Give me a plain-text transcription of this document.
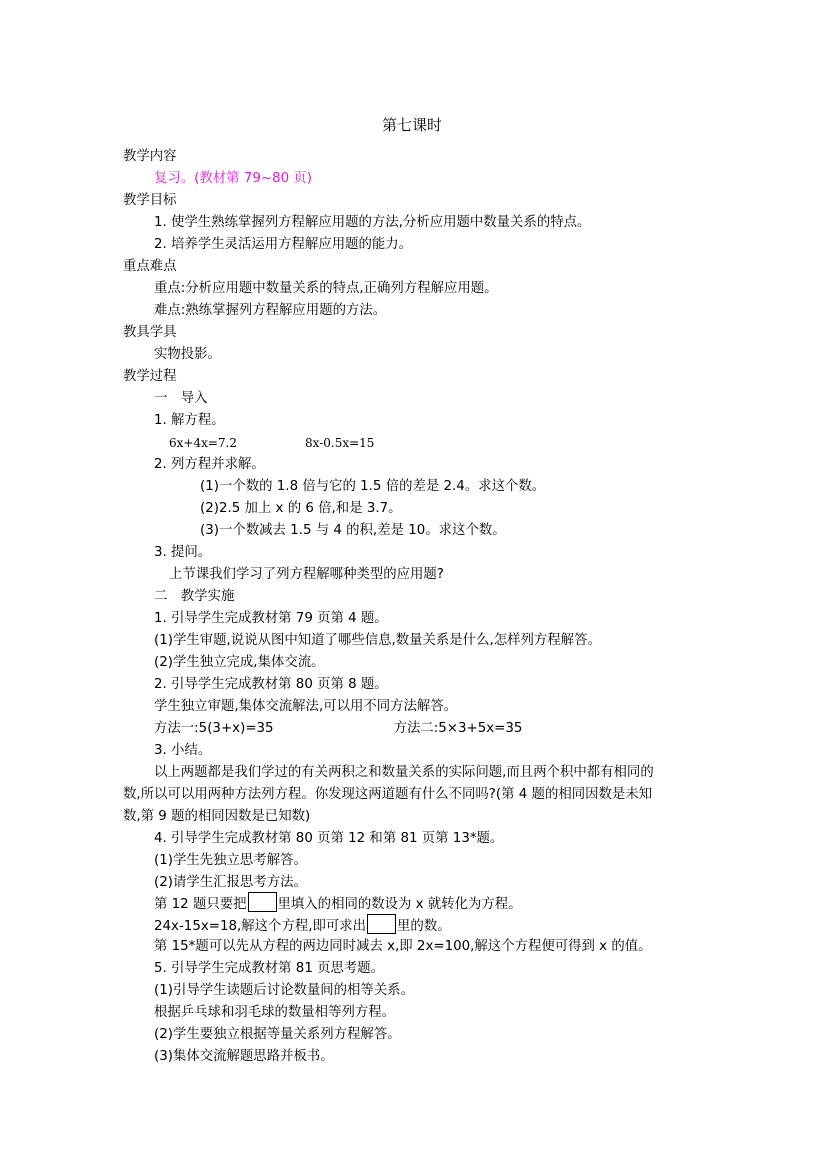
第七课时
教学内容
复习。(教材第 79~80 页)
教学目标
1. 使学生熟练掌握列方程解应用题的方法,分析应用题中数量关系的特点。
2. 培养学生灵活运用方程解应用题的能力。
重点难点
重点:分析应用题中数量关系的特点,正确列方程解应用题。
难点:熟练掌握列方程解应用题的方法。
教具学具
实物投影。
教学过程
一　导入
1. 解方程。
6x+4x=7.2	8x-0.5x=15
2. 列方程并求解。
(1)一个数的 1.8 倍与它的 1.5 倍的差是 2.4。求这个数。
(2)2.5 加上 x 的 6 倍,和是 3.7。
(3)一个数减去 1.5 与 4 的积,差是 10。求这个数。
3. 提问。
上节课我们学习了列方程解哪种类型的应用题?
二　教学实施
1. 引导学生完成教材第 79 页第 4 题。
(1)学生审题,说说从图中知道了哪些信息,数量关系是什么,怎样列方程解答。
(2)学生独立完成,集体交流。
2. 引导学生完成教材第 80 页第 8 题。
学生独立审题,集体交流解法,可以用不同方法解答。
方法一:5(3+x)=35	方法二:5×3+5x=35
3. 小结。
以上两题都是我们学过的有关两积之和数量关系的实际问题,而且两个积中都有相同的
数,所以可以用两种方法列方程。你发现这两道题有什么不同吗?(第 4 题的相同因数是未知
数,第 9 题的相同因数是已知数)
4. 引导学生完成教材第 80 页第 12 和第 81 页第 13*题。
(1)学生先独立思考解答。
(2)请学生汇报思考方法。
第 12 题只要把 里填入的相同的数设为 x 就转化为方程。
24x-15x=18,解这个方程,即可求出 里的数。
第 15*题可以先从方程的两边同时减去 x,即 2x=100,解这个方程便可得到 x 的值。
5. 引导学生完成教材第 81 页思考题。
(1)引导学生读题后讨论数量间的相等关系。
根据乒乓球和羽毛球的数量相等列方程。
(2)学生要独立根据等量关系列方程解答。
(3)集体交流解题思路并板书。
